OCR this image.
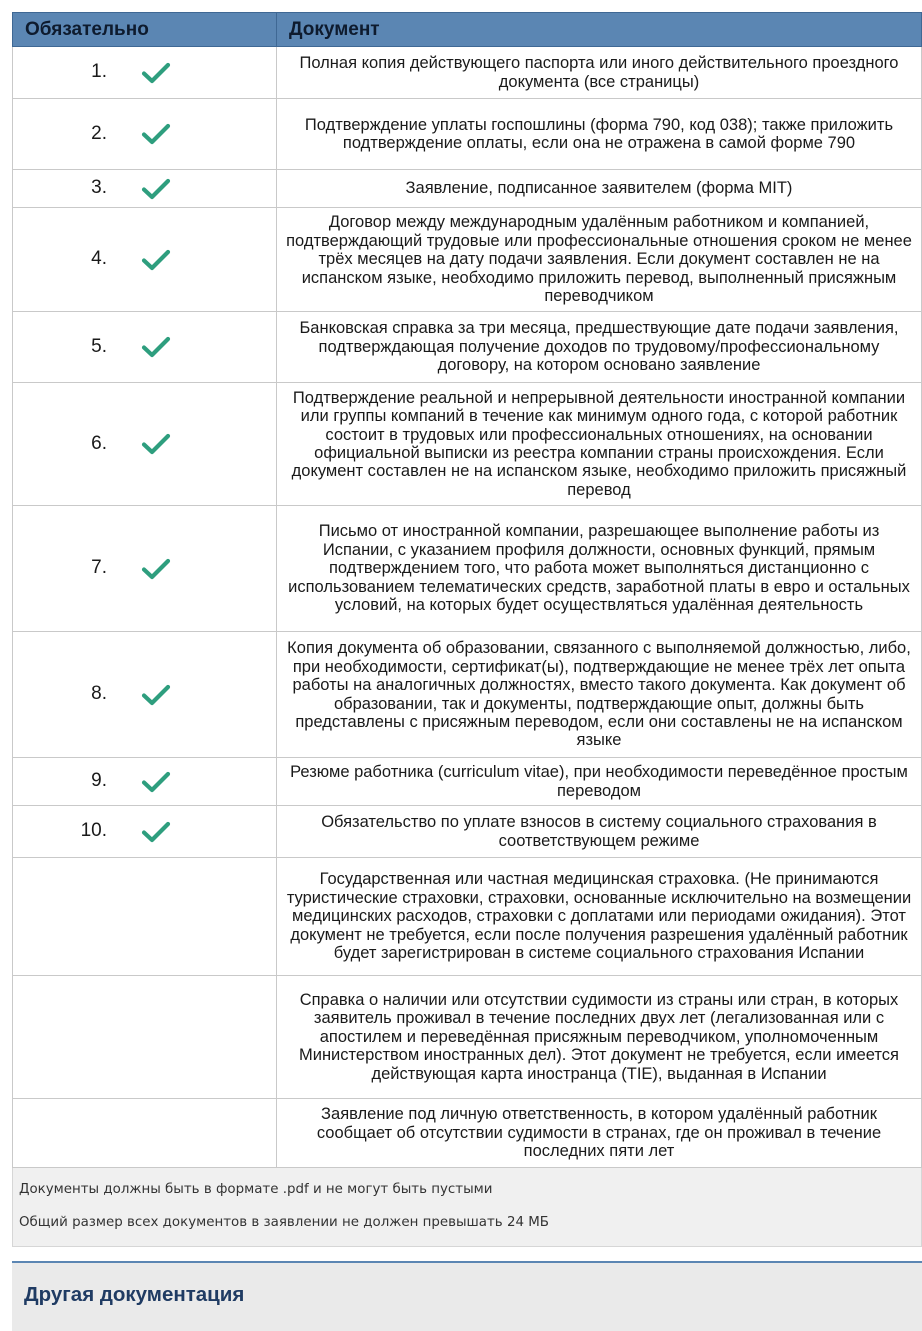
Обязательно	Документ

1.	Полная копия действующего паспорта или иного действительного проездного документа (все страницы)

2.	Подтверждение уплаты госпошлины (форма 790, код 038); также приложить подтверждение оплаты, если она не отражена в самой форме 790

3.	Заявление, подписанное заявителем (форма MIT)

4.	Договор между международным удалённым работником и компанией, подтверждающий трудовые или профессиональные отношения сроком не менее трёх месяцев на дату подачи заявления. Если документ составлен не на испанском языке, необходимо приложить перевод, выполненный присяжным переводчиком

5.	Банковская справка за три месяца, предшествующие дате подачи заявления, подтверждающая получение доходов по трудовому/профессиональному договору, на котором основано заявление

6.	Подтверждение реальной и непрерывной деятельности иностранной компании или группы компаний в течение как минимум одного года, с которой работник состоит в трудовых или профессиональных отношениях, на основании официальной выписки из реестра компании страны происхождения. Если документ составлен не на испанском языке, необходимо приложить присяжный перевод

7.	Письмо от иностранной компании, разрешающее выполнение работы из Испании, с указанием профиля должности, основных функций, прямым подтверждением того, что работа может выполняться дистанционно с использованием телематических средств, заработной платы в евро и остальных условий, на которых будет осуществляться удалённая деятельность

8.	Копия документа об образовании, связанного с выполняемой должностью, либо, при необходимости, сертификат(ы), подтверждающие не менее трёх лет опыта работы на аналогичных должностях, вместо такого документа. Как документ об образовании, так и документы, подтверждающие опыт, должны быть представлены с присяжным переводом, если они составлены не на испанском языке

9.	Резюме работника (curriculum vitae), при необходимости переведённое простым переводом

10.	Обязательство по уплате взносов в систему социального страхования в соответствующем режиме
	Государственная или частная медицинская страховка. (Не принимаются туристические страховки, страховки, основанные исключительно на возмещении медицинских расходов, страховки с доплатами или периодами ожидания). Этот документ не требуется, если после получения разрешения удалённый работник будет зарегистрирован в системе социального страхования Испании
	Справка о наличии или отсутствии судимости из страны или стран, в которых заявитель проживал в течение последних двух лет (легализованная или с апостилем и переведённая присяжным переводчиком, уполномоченным Министерством иностранных дел). Этот документ не требуется, если имеется действующая карта иностранца (TIE), выданная в Испании
	Заявление под личную ответственность, в котором удалённый работник сообщает об отсутствии судимости в странах, где он проживал в течение последних пяти лет

Документы должны быть в формате .pdf и не могут быть пустыми

Общий размер всех документов в заявлении не должен превышать 24 МБ

Другая документация
